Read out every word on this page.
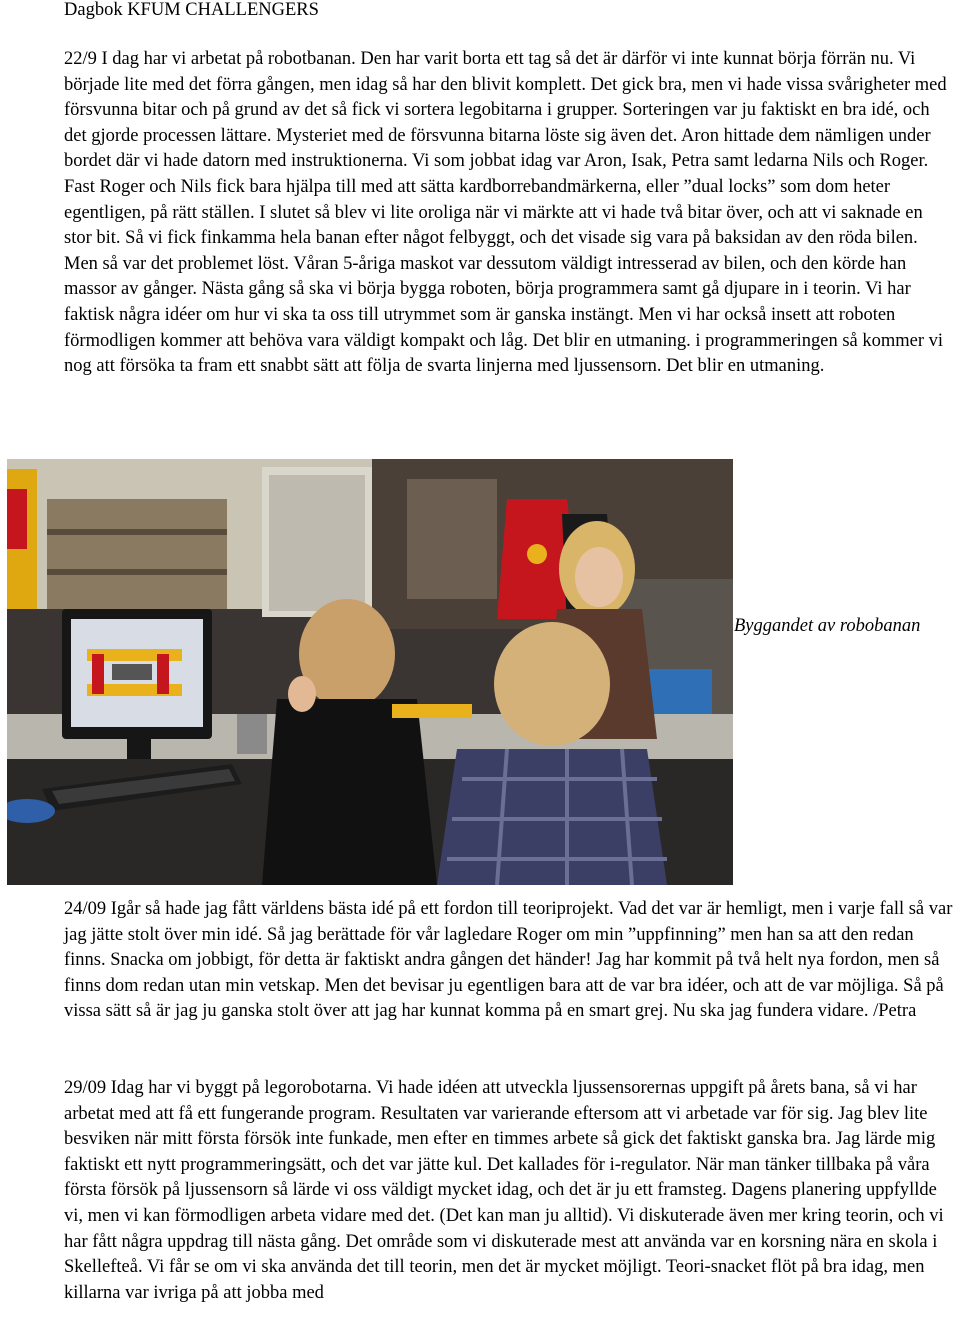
Dagbok KFUM CHALLENGERS

22/9 I dag har vi arbetat på robotbanan. Den har varit borta ett tag så det är därför vi inte kunnat börja förrän nu. Vi började lite med det förra gången, men idag så har den blivit komplett. Det gick bra, men vi hade vissa svårigheter med försvunna bitar och på grund av det så fick vi sortera legobitarna i grupper. Sorteringen var ju faktiskt en bra idé, och det gjorde processen lättare. Mysteriet med de försvunna bitarna löste sig även det. Aron hittade dem nämligen under bordet där vi hade datorn med instruktionerna. Vi som jobbat idag var Aron, Isak, Petra samt ledarna Nils och Roger. Fast Roger och Nils fick bara hjälpa till med att sätta kardborrebandmärkerna, eller ”dual locks” som dom heter egentligen, på rätt ställen. I slutet så blev vi lite oroliga när vi märkte att vi hade två bitar över, och att vi saknade en stor bit. Så vi fick finkamma hela banan efter något felbyggt, och det visade sig vara på baksidan av den röda bilen. Men så var det problemet löst. Våran 5-åriga maskot var dessutom väldigt intresserad av bilen, och den körde han massor av gånger. Nästa gång så ska vi börja bygga roboten, börja programmera samt gå djupare in i teorin. Vi har faktisk några idéer om hur vi ska ta oss till utrymmet som är ganska instängt. Men vi har också insett att roboten förmodligen kommer att behöva vara väldigt kompakt och låg. Det blir en utmaning. i programmeringen så kommer vi nog att försöka ta fram ett snabbt sätt att följa de svarta linjerna med ljussensorn. Det blir en utmaning.

Byggandet av robobanan

24/09 Igår så hade jag fått världens bästa idé på ett fordon till teoriprojekt. Vad det var är hemligt, men i varje fall så var jag jätte stolt över min idé. Så jag berättade för vår lagledare Roger om min ”uppfinning” men han sa att den redan finns. Snacka om jobbigt, för detta är faktiskt andra gången det händer! Jag har kommit på två helt nya fordon, men så finns dom redan utan min vetskap. Men det bevisar ju egentligen bara att de var bra idéer, och att de var möjliga. Så på vissa sätt så är jag ju ganska stolt över att jag har kunnat komma på en smart grej. Nu ska jag fundera vidare. /Petra

29/09 Idag har vi byggt på legorobotarna. Vi hade idéen att utveckla ljussensorernas uppgift på årets bana, så vi har arbetat med att få ett fungerande program. Resultaten var varierande eftersom att vi arbetade var för sig. Jag blev lite besviken när mitt första försök inte funkade, men efter en timmes arbete så gick det faktiskt ganska bra. Jag lärde mig faktiskt ett nytt programmeringsätt, och det var jätte kul. Det kallades för i-regulator. När man tänker tillbaka på våra första försök på ljussensorn så lärde vi oss väldigt mycket idag, och det är ju ett framsteg. Dagens planering uppfyllde vi, men vi kan förmodligen arbeta vidare med det. (Det kan man ju alltid). Vi diskuterade även mer kring teorin, och vi har fått några uppdrag till nästa gång. Det område som vi diskuterade mest att använda var en korsning nära en skola i Skellefteå. Vi får se om vi ska använda det till teorin, men det är mycket möjligt. Teori-snacket flöt på bra idag, men killarna var ivriga på att jobba med
